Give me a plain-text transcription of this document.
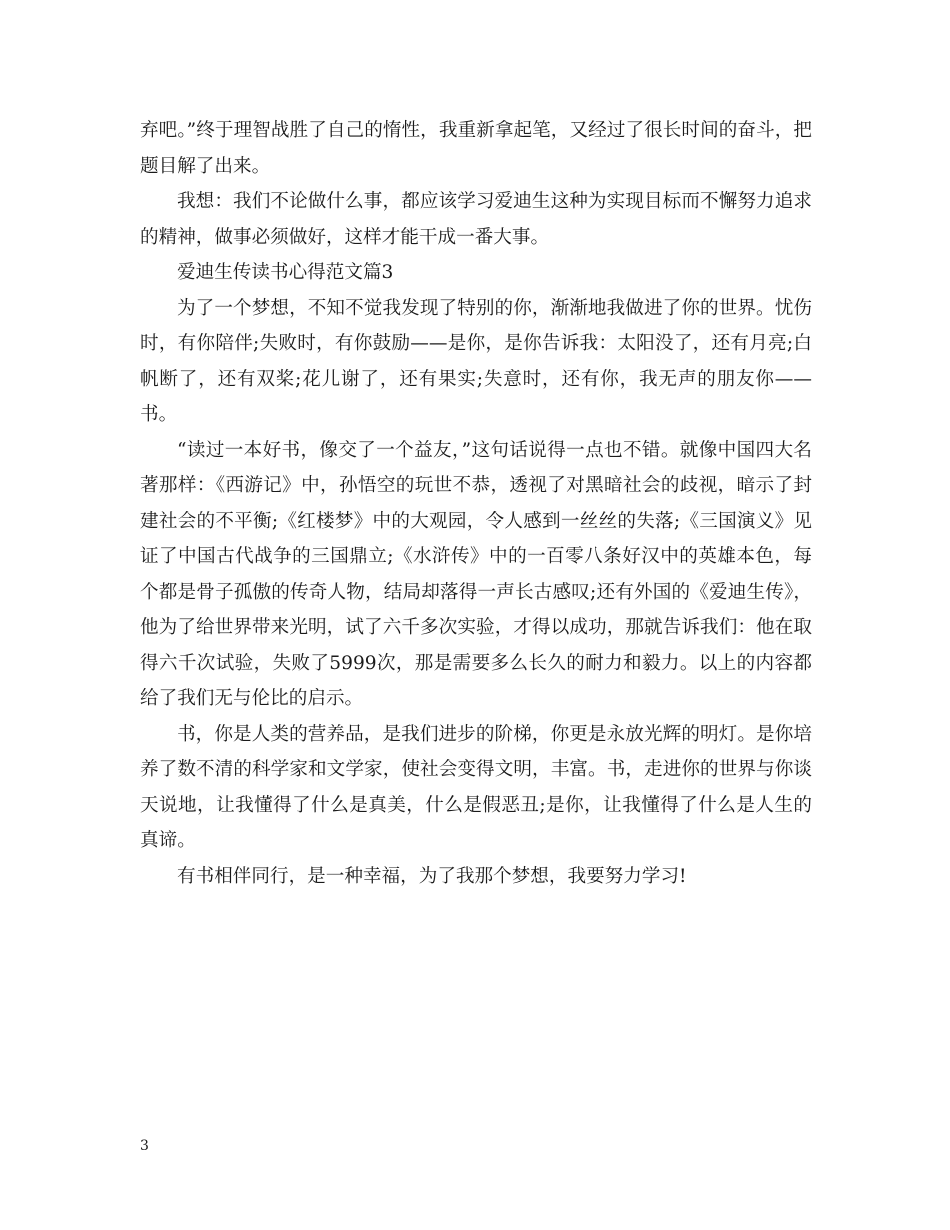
弃吧。”终于理智战胜了自己的惰性，我重新拿起笔，又经过了很长时间的奋斗，把题目解了出来。

我想：我们不论做什么事，都应该学习爱迪生这种为实现目标而不懈努力追求的精神，做事必须做好，这样才能干成一番大事。

爱迪生传读书心得范文篇3

为了一个梦想，不知不觉我发现了特别的你，渐渐地我做进了你的世界。忧伤时，有你陪伴;失败时，有你鼓励——是你，是你告诉我：太阳没了，还有月亮;白帆断了，还有双桨;花儿谢了，还有果实;失意时，还有你，我无声的朋友你——书。

“读过一本好书，像交了一个益友，”这句话说得一点也不错。就像中国四大名著那样：《西游记》中，孙悟空的玩世不恭，透视了对黑暗社会的歧视，暗示了封建社会的不平衡;《红楼梦》中的大观园，令人感到一丝丝的失落;《三国演义》见证了中国古代战争的三国鼎立;《水浒传》中的一百零八条好汉中的英雄本色，每个都是骨子孤傲的传奇人物，结局却落得一声长古感叹;还有外国的《爱迪生传》，他为了给世界带来光明，试了六千多次实验，才得以成功，那就告诉我们：他在取得六千次试验，失败了5999次，那是需要多么长久的耐力和毅力。以上的内容都给了我们无与伦比的启示。

书，你是人类的营养品，是我们进步的阶梯，你更是永放光辉的明灯。是你培养了数不清的科学家和文学家，使社会变得文明，丰富。书，走进你的世界与你谈天说地，让我懂得了什么是真美，什么是假恶丑;是你，让我懂得了什么是人生的真谛。

有书相伴同行，是一种幸福，为了我那个梦想，我要努力学习!

3
